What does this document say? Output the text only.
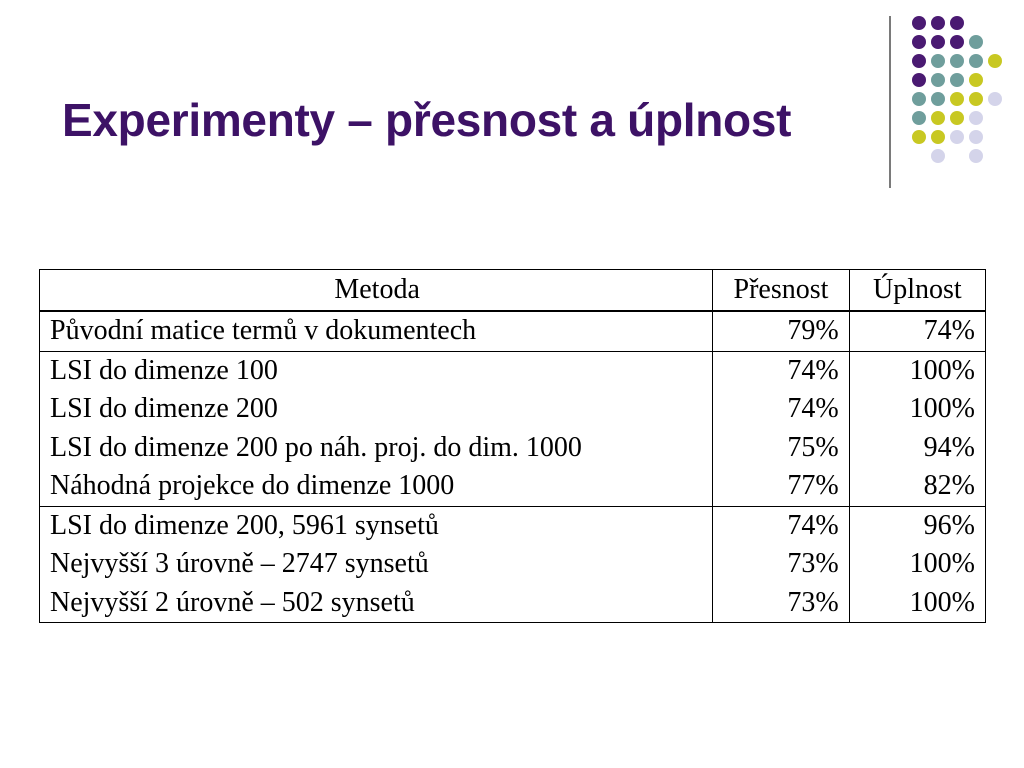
Experimenty – přesnost a úplnost
Metoda	Přesnost	Úplnost
Původní matice termů v dokumentech	79%	74%
LSI do dimenze 100	74%	100%
LSI do dimenze 200	74%	100%
LSI do dimenze 200 po náh. proj. do dim. 1000	75%	94%
Náhodná projekce do dimenze 1000	77%	82%
LSI do dimenze 200, 5961 synsetů	74%	96%
Nejvyšší 3 úrovně – 2747 synsetů	73%	100%
Nejvyšší 2 úrovně – 502 synsetů	73%	100%
